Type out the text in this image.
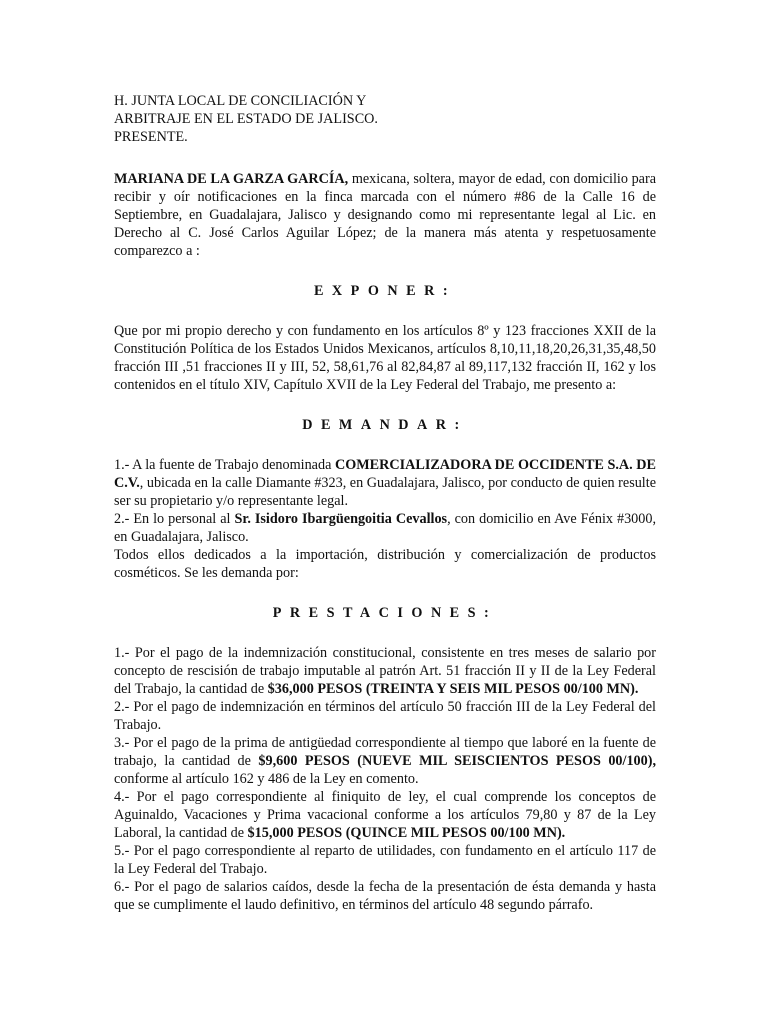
H. JUNTA LOCAL DE CONCILIACIÓN Y
ARBITRAJE EN EL ESTADO DE JALISCO.
PRESENTE.

MARIANA DE LA GARZA GARCÍA, mexicana, soltera, mayor de edad, con domicilio para recibir y oír notificaciones en la finca marcada con el número #86 de la Calle 16 de Septiembre, en Guadalajara, Jalisco y designando como mi representante legal al Lic. en Derecho al C. José Carlos Aguilar López; de la manera más atenta y respetuosamente comparezco a :

EXPONER:

Que por mi propio derecho y con fundamento en los artículos 8º y 123 fracciones XXII de la Constitución Política de los Estados Unidos Mexicanos, artículos 8,10,11,18,20,26,31,35,48,50 fracción III ,51 fracciones II y III, 52, 58,61,76 al 82,84,87 al 89,117,132 fracción II, 162 y los contenidos en el título XIV, Capítulo XVII de la Ley Federal del Trabajo, me presento a:

DEMANDAR:

1.- A la fuente de Trabajo denominada COMERCIALIZADORA DE OCCIDENTE S.A. DE C.V., ubicada en la calle Diamante #323, en Guadalajara, Jalisco, por conducto de quien resulte ser su propietario y/o representante legal.

2.- En lo personal al Sr. Isidoro Ibargüengoitia Cevallos, con domicilio en Ave Fénix #3000, en Guadalajara, Jalisco.

Todos ellos dedicados a la importación, distribución y comercialización de productos cosméticos. Se les demanda por:

PRESTACIONES:

1.- Por el pago de la indemnización constitucional, consistente en tres meses de salario por concepto de rescisión de trabajo imputable al patrón Art. 51 fracción II y II de la Ley Federal del Trabajo, la cantidad de $36,000 PESOS (TREINTA Y SEIS MIL PESOS 00/100 MN).

2.- Por el pago de indemnización en términos del artículo 50 fracción III de la Ley Federal del Trabajo.

3.- Por el pago de la prima de antigüedad correspondiente al tiempo que laboré en la fuente de trabajo, la cantidad de $9,600 PESOS (NUEVE MIL SEISCIENTOS PESOS 00/100), conforme al artículo 162 y 486 de la Ley en comento.

4.- Por el pago correspondiente al finiquito de ley, el cual comprende los conceptos de Aguinaldo, Vacaciones y Prima vacacional conforme a los artículos 79,80 y 87 de la Ley Laboral, la cantidad de $15,000 PESOS (QUINCE MIL PESOS 00/100 MN).

5.- Por el pago correspondiente al reparto de utilidades, con fundamento en el artículo 117 de la Ley Federal del Trabajo.

6.- Por el pago de salarios caídos, desde la fecha de la presentación de ésta demanda y hasta que se cumplimente el laudo definitivo, en términos del artículo 48 segundo párrafo.
